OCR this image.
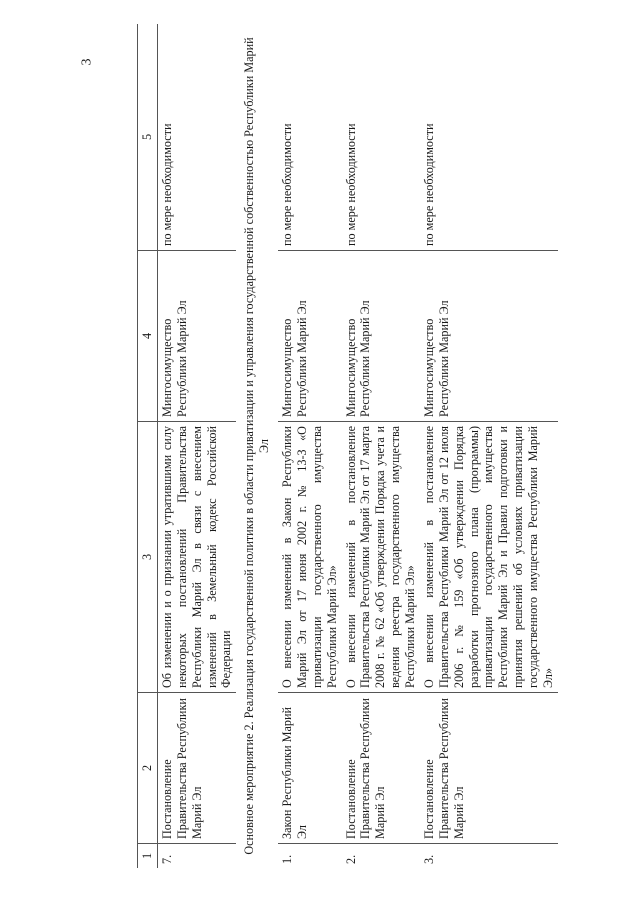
3
1	2	3	4	5
7.	Постановление Правительства Республики Марий Эл	Об изменении и о признании утратившими силу некоторых постановлений Правительства Республики Марий Эл в связи с внесением изменений в Земельный кодекс Российской Федерации	Мингосимущество Республики Марий Эл	по мере необходимости
Основное мероприятие 2. Реализация государственной политики в области приватизации и управления государственной собственностью Республики Марий Эл				
1.	Закон Республики Марий Эл	О внесении изменений в Закон Республики Марий Эл от 17 июня 2002 г. № 13-З «О приватизации государственного имущества Республики Марий Эл»	Мингосимущество Республики Марий Эл	по мере необходимости
2.	Постановление Правительства Республики Марий Эл	О внесении изменений в постановление Правительства Республики Марий Эл от 17 марта 2008 г. № 62 «Об утверждении Порядка учета и ведения реестра государственного имущества Республики Марий Эл»	Мингосимущество Республики Марий Эл	по мере необходимости
3.	Постановление Правительства Республики Марий Эл	О внесении изменений в постановление Правительства Республики Марий Эл от 12 июля 2006 г. № 159 «Об утверждении Порядка разработки прогнозного плана (программы) приватизации государственного имущества Республики Марий Эл и Правил подготовки и принятия решений об условиях приватизации государственного имущества Республики Марий Эл»	Мингосимущество Республики Марий Эл	по мере необходимости
